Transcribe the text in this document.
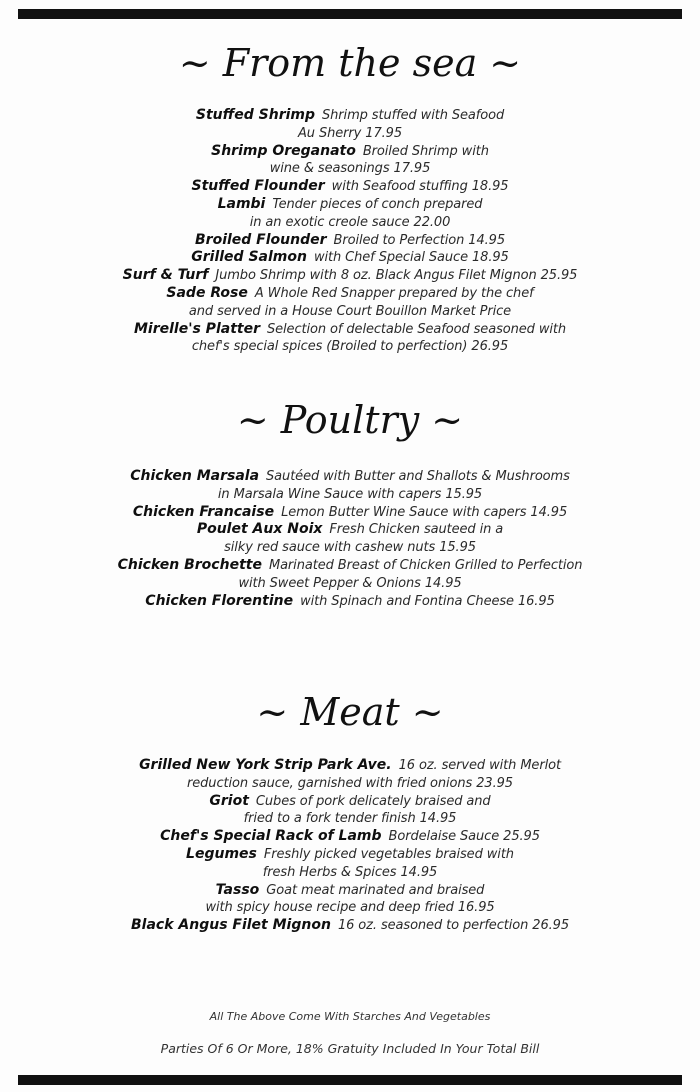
~ From the sea ~
Stuffed Shrimp Shrimp stuffed with Seafood
Au Sherry 17.95
Shrimp Oreganato Broiled Shrimp with
wine & seasonings 17.95
Stuffed Flounder with Seafood stuffing 18.95
Lambi Tender pieces of conch prepared
in an exotic creole sauce 22.00
Broiled Flounder Broiled to Perfection 14.95
Grilled Salmon with Chef Special Sauce 18.95
Surf & Turf Jumbo Shrimp with 8 oz. Black Angus Filet Mignon 25.95
Sade Rose A Whole Red Snapper prepared by the chef
and served in a House Court Bouillon Market Price
Mirelle's Platter Selection of delectable Seafood seasoned with
chef's special spices (Broiled to perfection) 26.95
~ Poultry ~
Chicken Marsala Sautéed with Butter and Shallots & Mushrooms
in Marsala Wine Sauce with capers 15.95
Chicken Francaise Lemon Butter Wine Sauce with capers 14.95
Poulet Aux Noix Fresh Chicken sauteed in a
silky red sauce with cashew nuts 15.95
Chicken Brochette Marinated Breast of Chicken Grilled to Perfection
with Sweet Pepper & Onions 14.95
Chicken Florentine with Spinach and Fontina Cheese 16.95
~ Meat ~
Grilled New York Strip Park Ave. 16 oz. served with Merlot
reduction sauce, garnished with fried onions 23.95
Griot Cubes of pork delicately braised and
fried to a fork tender finish 14.95
Chef's Special Rack of Lamb Bordelaise Sauce 25.95
Legumes Freshly picked vegetables braised with
fresh Herbs & Spices 14.95
Tasso Goat meat marinated and braised
with spicy house recipe and deep fried 16.95
Black Angus Filet Mignon 16 oz. seasoned to perfection 26.95
All The Above Come With Starches And Vegetables
Parties Of 6 Or More, 18% Gratuity Included In Your Total Bill
